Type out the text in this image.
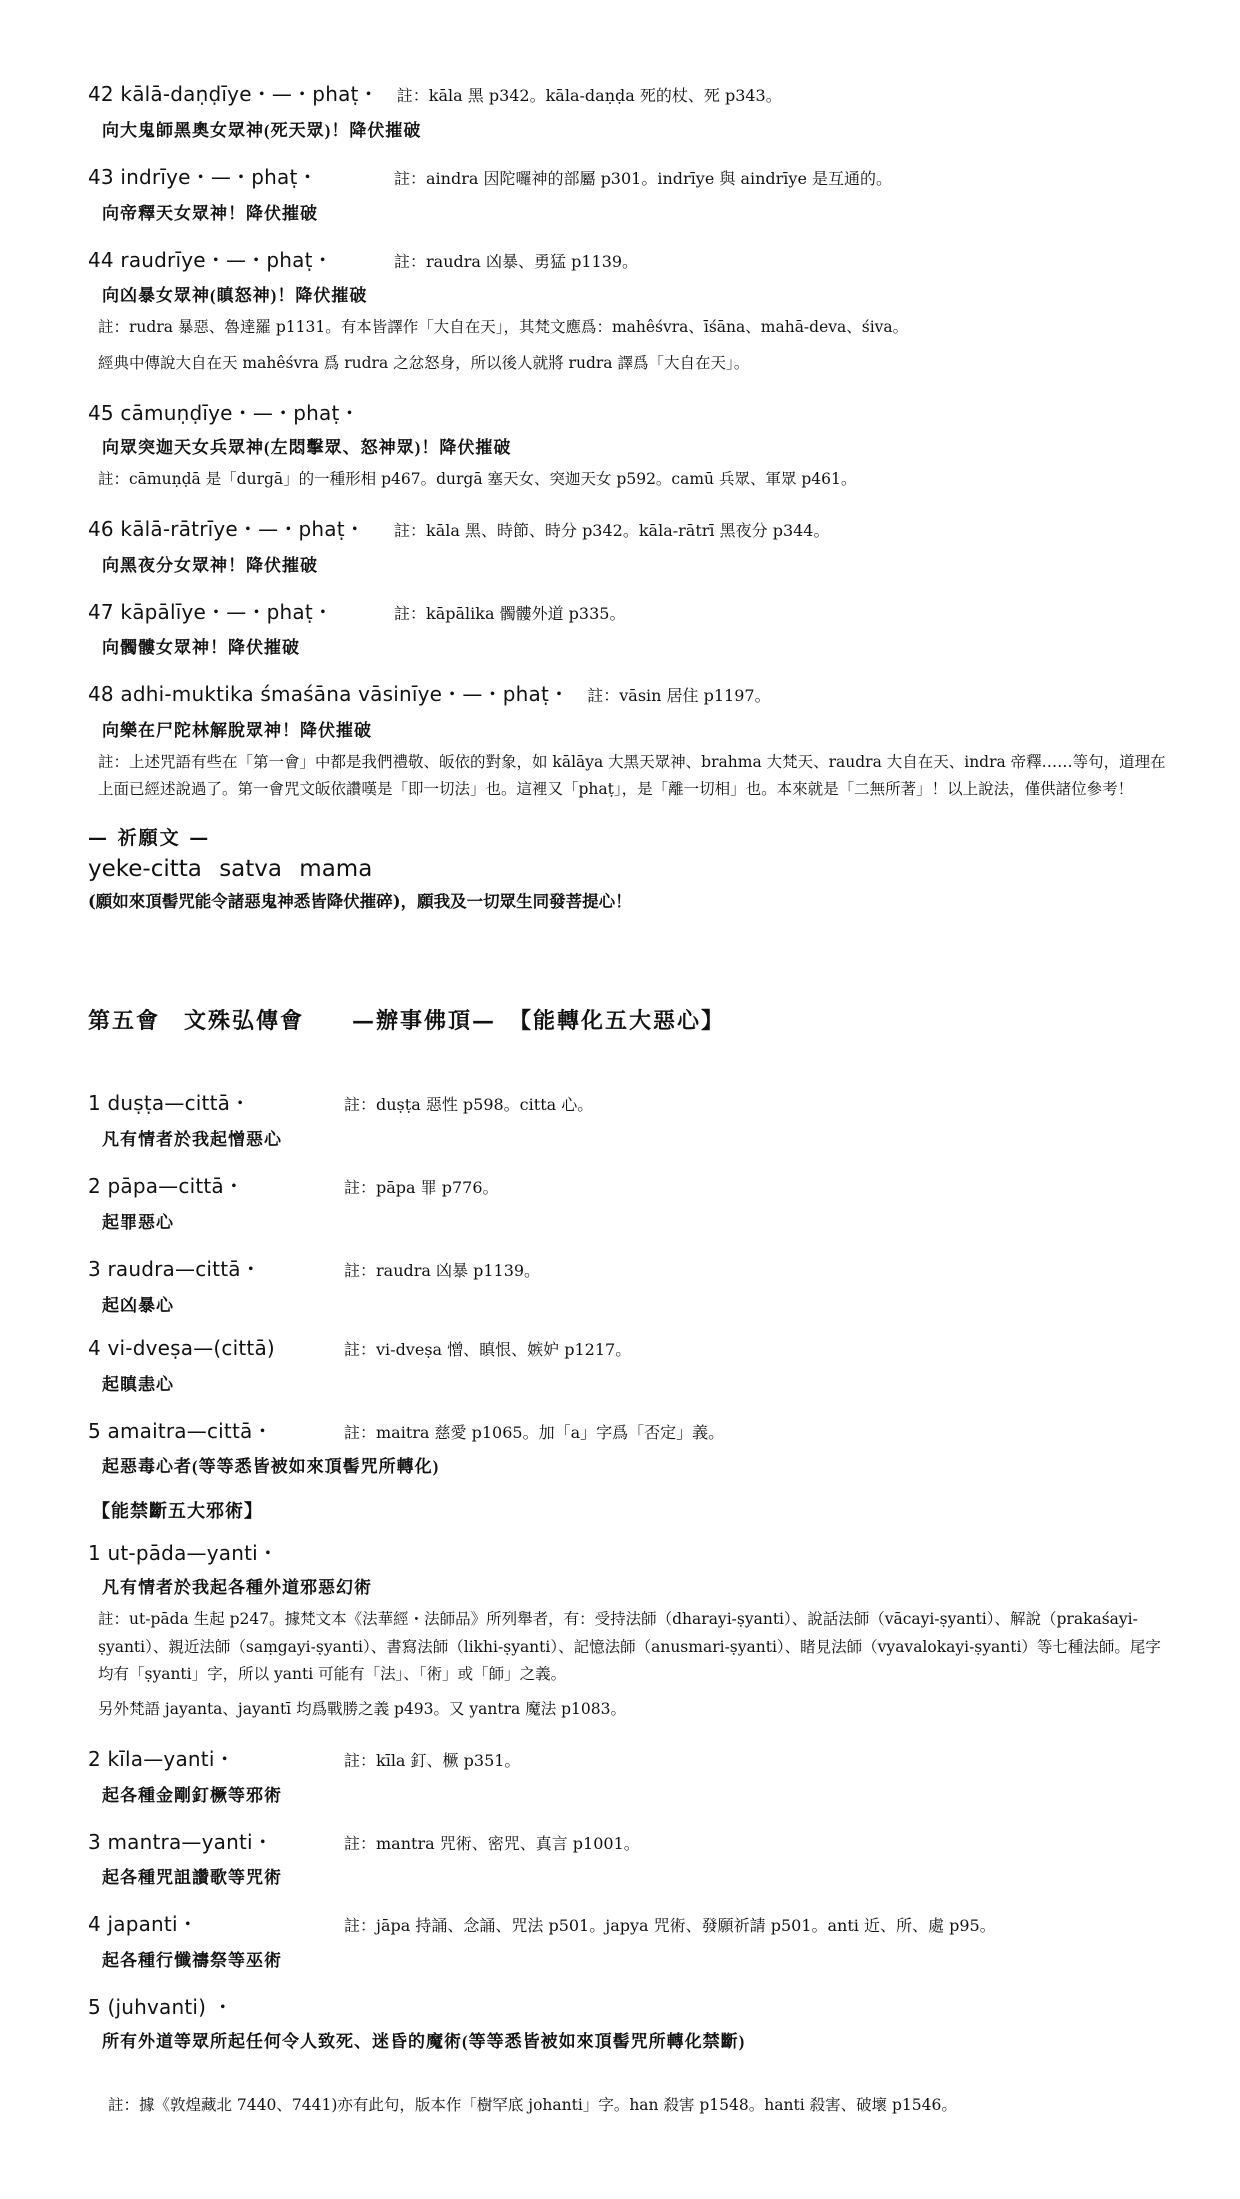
42 kālā-daṇḍīye・—・phaṭ・	註：kāla 黑 p342。kāla-daṇḍa 死的杖、死 p343。
向大鬼師黑奧女眾神(死天眾)！降伏摧破
43 indrīye・—・phaṭ・	註：aindra 因陀囉神的部屬 p301。indrīye 與 aindrīye 是互通的。
向帝釋天女眾神！降伏摧破
44 raudrīye・—・phaṭ・	註：raudra 凶暴、勇猛 p1139。
向凶暴女眾神(瞋怒神)！降伏摧破
註：rudra 暴惡、魯達羅 p1131。有本皆譯作「大自在天」，其梵文應爲：mahêśvra、īśāna、mahā-deva、śiva。
經典中傳說大自在天 mahêśvra 爲 rudra 之忿怒身，所以後人就將 rudra 譯爲「大自在天」。
45 cāmuṇḍīye・—・phaṭ・
向眾突迦天女兵眾神(左悶擊眾、怒神眾)！降伏摧破
註：cāmuṇḍā 是「durgā」的一種形相 p467。durgā 塞天女、突迦天女 p592。camū 兵眾、軍眾 p461。
46 kālā-rātrīye・—・phaṭ・	註：kāla 黑、時節、時分 p342。kāla-rātrī 黑夜分 p344。
向黑夜分女眾神！降伏摧破
47 kāpālīye・—・phaṭ・	註：kāpālika 髑髏外道 p335。
向髑髏女眾神！降伏摧破
48 adhi-muktika śmaśāna vāsinīye・—・phaṭ・	註：vāsin 居住 p1197。
向樂在尸陀林解脫眾神！降伏摧破
註：上述咒語有些在「第一會」中都是我們禮敬、皈依的對象，如 kālāya 大黑天眾神、brahma 大梵天、raudra 大自在天、indra 帝釋……等句，道理在上面已經述說過了。第一會咒文皈依讚嘆是「即一切法」也。這裡又「phaṭ」，是「離一切相」也。本來就是「二無所著」！以上說法，僅供諸位參考！
— 祈願文 —
yeke-citta satva mama
(願如來頂髻咒能令諸惡鬼神悉皆降伏摧碎)，願我及一切眾生同發菩提心！
第五會　文殊弘傳會　　—辦事佛頂—　【能轉化五大惡心】
1 duṣṭa—cittā・	註：duṣṭa 惡性 p598。citta 心。
凡有情者於我起憎惡心
2 pāpa—cittā・	註：pāpa 罪 p776。
起罪惡心
3 raudra—cittā・	註：raudra 凶暴 p1139。
起凶暴心
4 vi-dveṣa—(cittā)	註：vi-dveṣa 憎、瞋恨、嫉妒 p1217。
起瞋恚心
5 amaitra—cittā・	註：maitra 慈愛 p1065。加「a」字爲「否定」義。
起惡毒心者(等等悉皆被如來頂髻咒所轉化)
【能禁斷五大邪術】
1 ut-pāda—yanti・
凡有情者於我起各種外道邪惡幻術
註：ut-pāda 生起 p247。據梵文本《法華經・法師品》所列舉者，有：受持法師（dharayi-ṣyanti）、說話法師（vācayi-ṣyanti）、解說（prakaśayi-ṣyanti）、親近法師（saṃgayi-ṣyanti）、書寫法師（likhi-ṣyanti）、記憶法師（anusmari-ṣyanti）、睹見法師（vyavalokayi-ṣyanti）等七種法師。尾字均有「ṣyanti」字，所以 yanti 可能有「法」、「術」或「師」之義。
另外梵語 jayanta、jayantī 均爲戰勝之義 p493。又 yantra 魔法 p1083。
2 kīla—yanti・	註：kīla 釘、橛 p351。
起各種金剛釘橛等邪術
3 mantra—yanti・	註：mantra 咒術、密咒、真言 p1001。
起各種咒詛讚歌等咒術
4 japanti・	註：jāpa 持誦、念誦、咒法 p501。japya 咒術、發願祈請 p501。anti 近、所、處 p95。
起各種行懺禱祭等巫術
5 (juhvanti) ・
所有外道等眾所起任何令人致死、迷昏的魔術(等等悉皆被如來頂髻咒所轉化禁斷)
註：據《敦煌藏北 7440、7441)亦有此句，版本作「樹罕底 johanti」字。han 殺害 p1548。hanti 殺害、破壞 p1546。
